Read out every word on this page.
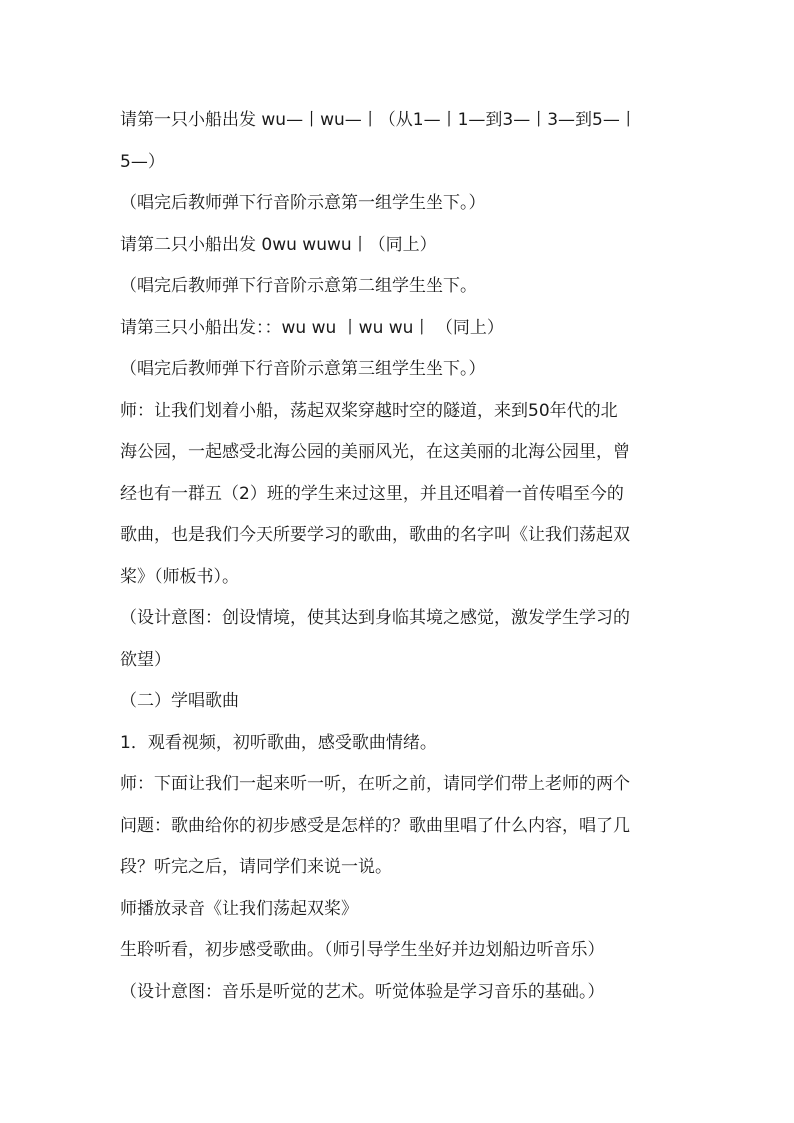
请第一只小船出发 wu—丨wu—丨（从1—丨1—到3—丨3—到5—丨
5—）
（唱完后教师弹下行音阶示意第一组学生坐下。）
请第二只小船出发 0wu wuwu丨（同上）
（唱完后教师弹下行音阶示意第二组学生坐下。
请第三只小船出发：：wu wu 丨wu wu丨 （同上）
（唱完后教师弹下行音阶示意第三组学生坐下。）
师：让我们划着小船，荡起双桨穿越时空的隧道，来到50年代的北
海公园，一起感受北海公园的美丽风光，在这美丽的北海公园里，曾
经也有一群五（2）班的学生来过这里，并且还唱着一首传唱至今的
歌曲，也是我们今天所要学习的歌曲，歌曲的名字叫《让我们荡起双
桨》（师板书）。
（设计意图：创设情境，使其达到身临其境之感觉，激发学生学习的
欲望）
（二）学唱歌曲
1．观看视频，初听歌曲，感受歌曲情绪。
师：下面让我们一起来听一听，在听之前，请同学们带上老师的两个
问题：歌曲给你的初步感受是怎样的？歌曲里唱了什么内容，唱了几
段？听完之后，请同学们来说一说。
师播放录音《让我们荡起双桨》
生聆听看，初步感受歌曲。（师引导学生坐好并边划船边听音乐）
（设计意图：音乐是听觉的艺术。听觉体验是学习音乐的基础。）
